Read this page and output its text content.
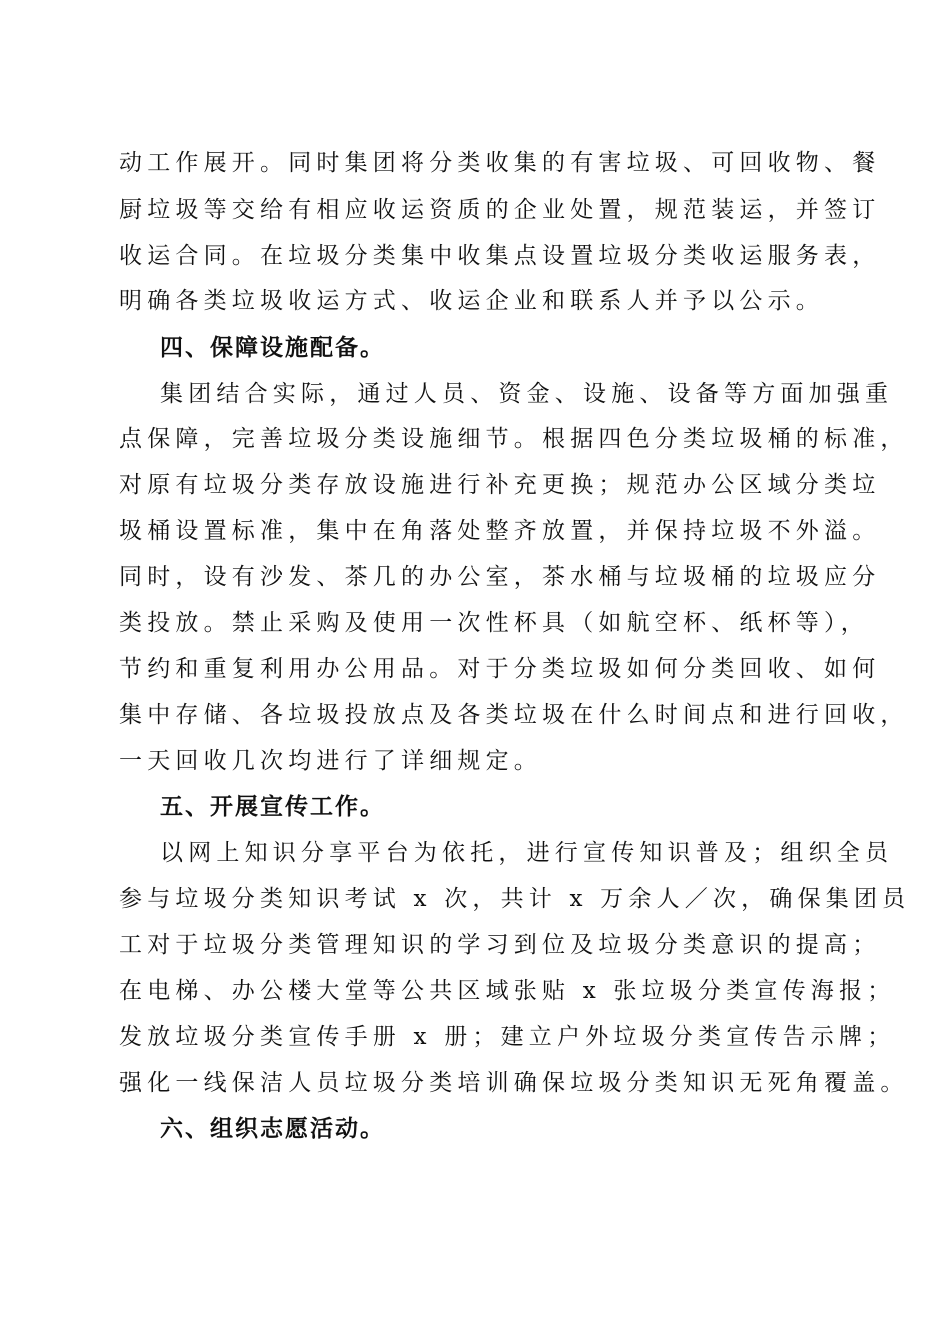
动工作展开。同时集团将分类收集的有害垃圾、可回收物、餐
厨垃圾等交给有相应收运资质的企业处置，规范装运，并签订
收运合同。在垃圾分类集中收集点设置垃圾分类收运服务表，
明确各类垃圾收运方式、收运企业和联系人并予以公示。
四、保障设施配备。
集团结合实际，通过人员、资金、设施、设备等方面加强重
点保障，完善垃圾分类设施细节。根据四色分类垃圾桶的标准，
对原有垃圾分类存放设施进行补充更换；规范办公区域分类垃
圾桶设置标准，集中在角落处整齐放置，并保持垃圾不外溢。
同时，设有沙发、茶几的办公室，茶水桶与垃圾桶的垃圾应分
类投放。禁止采购及使用一次性杯具（如航空杯、纸杯等），
节约和重复利用办公用品。对于分类垃圾如何分类回收、如何
集中存储、各垃圾投放点及各类垃圾在什么时间点和进行回收，
一天回收几次均进行了详细规定。
五、开展宣传工作。
以网上知识分享平台为依托，进行宣传知识普及；组织全员
参与垃圾分类知识考试 x 次，共计 x 万余人／次，确保集团员
工对于垃圾分类管理知识的学习到位及垃圾分类意识的提高；
在电梯、办公楼大堂等公共区域张贴 x 张垃圾分类宣传海报；
发放垃圾分类宣传手册 x 册；建立户外垃圾分类宣传告示牌；
强化一线保洁人员垃圾分类培训确保垃圾分类知识无死角覆盖。
六、组织志愿活动。
